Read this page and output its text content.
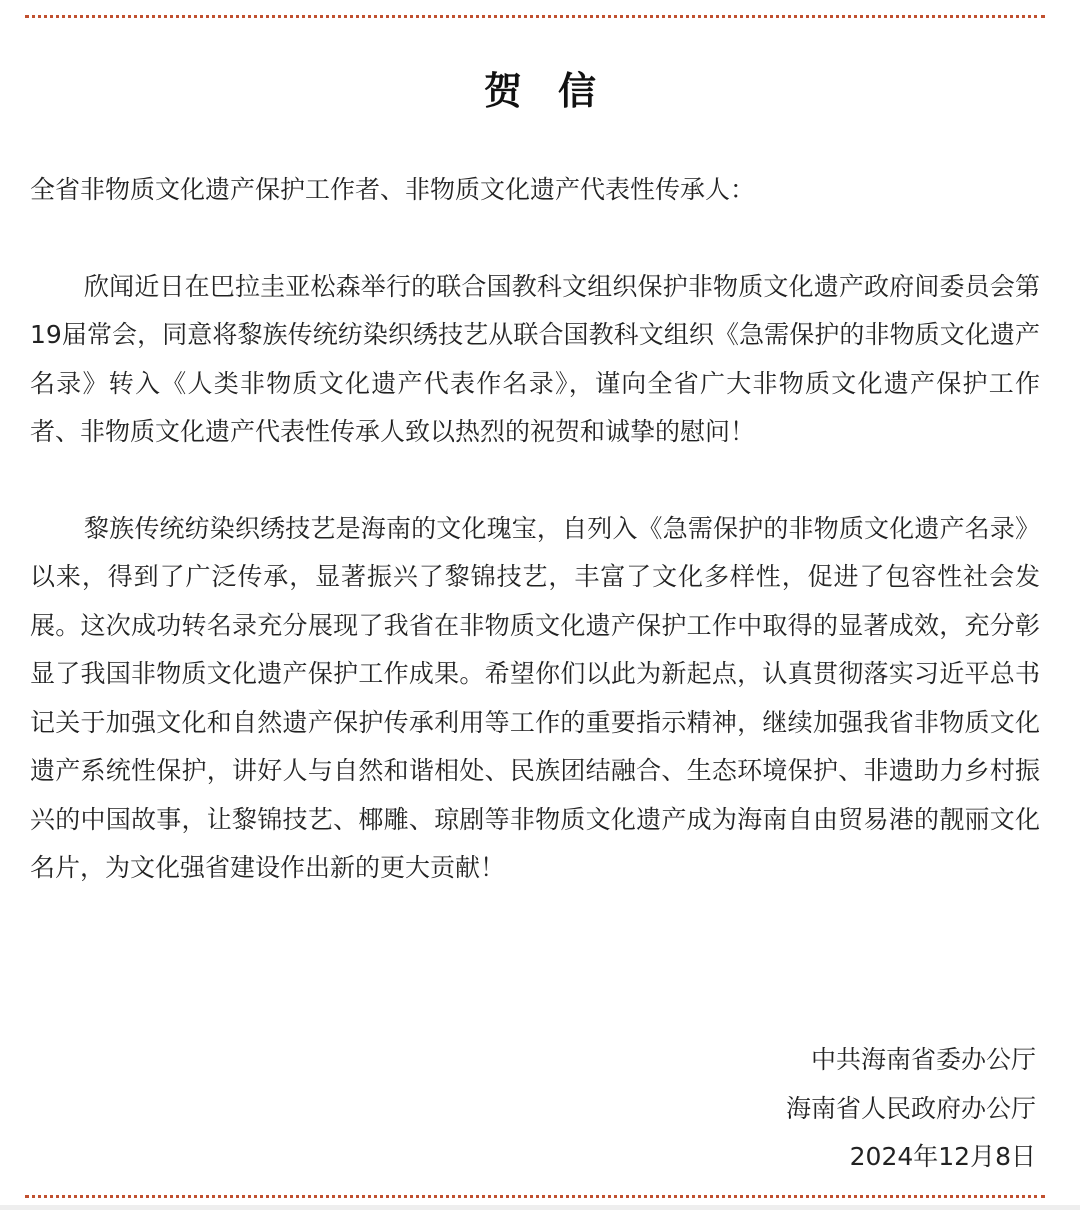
贺信
全省非物质文化遗产保护工作者、非物质文化遗产代表性传承人：
欣闻近日在巴拉圭亚松森举行的联合国教科文组织保护非物质文化遗产政府间委员会第19届常会，同意将黎族传统纺染织绣技艺从联合国教科文组织《急需保护的非物质文化遗产名录》转入《人类非物质文化遗产代表作名录》，谨向全省广大非物质文化遗产保护工作者、非物质文化遗产代表性传承人致以热烈的祝贺和诚挚的慰问！
黎族传统纺染织绣技艺是海南的文化瑰宝，自列入《急需保护的非物质文化遗产名录》以来，得到了广泛传承，显著振兴了黎锦技艺，丰富了文化多样性，促进了包容性社会发展。这次成功转名录充分展现了我省在非物质文化遗产保护工作中取得的显著成效，充分彰显了我国非物质文化遗产保护工作成果。希望你们以此为新起点，认真贯彻落实习近平总书记关于加强文化和自然遗产保护传承利用等工作的重要指示精神，继续加强我省非物质文化遗产系统性保护，讲好人与自然和谐相处、民族团结融合、生态环境保护、非遗助力乡村振兴的中国故事，让黎锦技艺、椰雕、琼剧等非物质文化遗产成为海南自由贸易港的靓丽文化名片，为文化强省建设作出新的更大贡献！
中共海南省委办公厅
海南省人民政府办公厅
2024年12月8日
